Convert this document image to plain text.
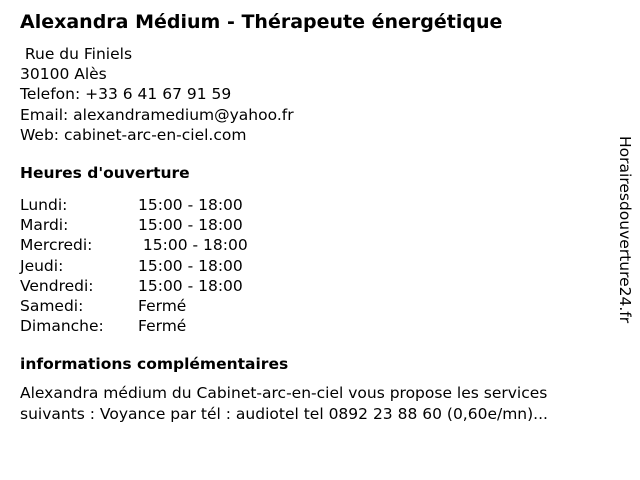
Alexandra Médium - Thérapeute énergétique
Rue du Finiels
30100 Alès
Telefon: +33 6 41 67 91 59
Email: alexandramedium@yahoo.fr
Web: cabinet-arc-en-ciel.com
Heures d'ouverture
Lundi:	15:00 - 18:00
Mardi:	15:00 - 18:00
Mercredi:	15:00 - 18:00
Jeudi:	15:00 - 18:00
Vendredi:	15:00 - 18:00
Samedi:	Fermé
Dimanche: Fermé
informations complémentaires
Alexandra médium du Cabinet-arc-en-ciel vous propose les services
suivants : Voyance par tél : audiotel tel 0892 23 88 60 (0,60e/mn)...
Horairesdouverture24.fr
